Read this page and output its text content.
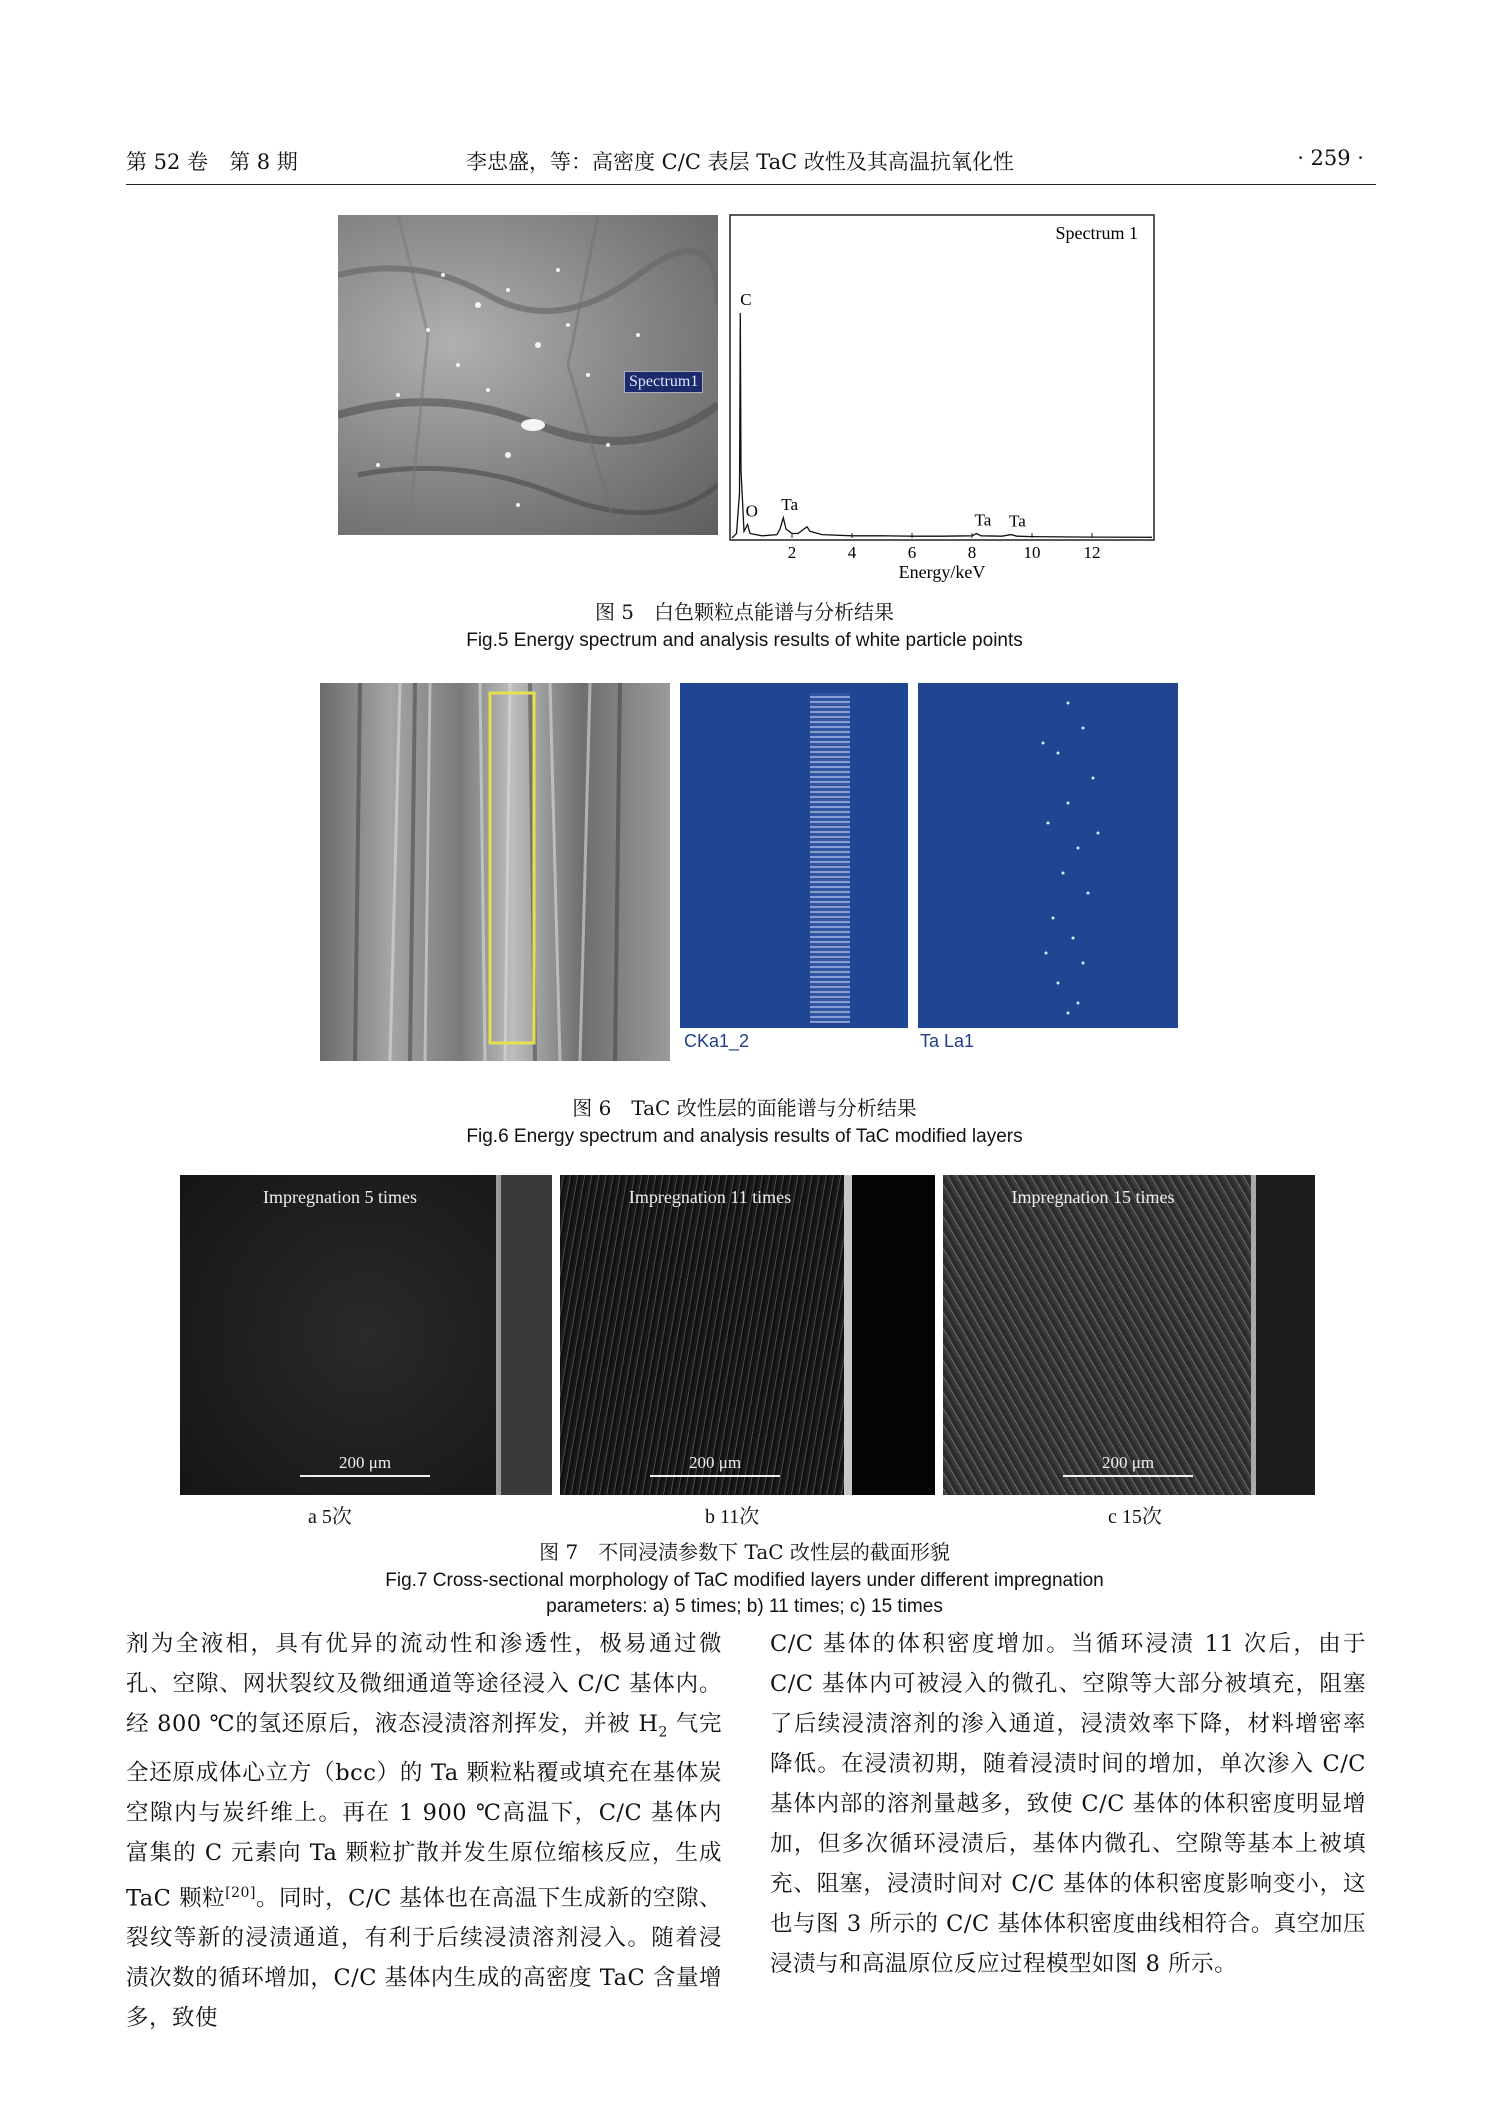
第 52 卷　第 8 期	李忠盛，等：高密度 C/C 表层 TaC 改性及其高温抗氧化性	· 259 ·
Spectrum1
Spectrum 1
2	4	6	8	10	12
C
O Ta
Ta Ta
Energy/keV
图 5　白色颗粒点能谱与分析结果
Fig.5 Energy spectrum and analysis results of white particle points
CKa1_2	Ta La1
图 6　TaC 改性层的面能谱与分析结果
Fig.6 Energy spectrum and analysis results of TaC modified layers
Impregnation 5 times
200 μm
Impregnation 11 times
200 μm
Impregnation 15 times
200 μm
a 5次	b 11次	c 15次
图 7　不同浸渍参数下 TaC 改性层的截面形貌
Fig.7 Cross-sectional morphology of TaC modified layers under different impregnation
parameters: a) 5 times; b) 11 times; c) 15 times

剂为全液相，具有优异的流动性和渗透性，极易通过微孔、空隙、网状裂纹及微细通道等途径浸入 C/C 基体内。经 800 ℃的氢还原后，液态浸渍溶剂挥发，并被 $H_2$ 气完全还原成体心立方（bcc）的 Ta 颗粒粘覆或填充在基体炭空隙内与炭纤维上。再在 1 900 ℃高温下，C/C 基体内富集的 C 元素向 Ta 颗粒扩散并发生原位缩核反应，生成 TaC 颗粒[20]。同时，C/C 基体也在高温下生成新的空隙、裂纹等新的浸渍通道，有利于后续浸渍溶剂浸入。随着浸渍次数的循环增加，C/C 基体内生成的高密度 TaC 含量增多，致使

C/C 基体的体积密度增加。当循环浸渍 11 次后，由于 C/C 基体内可被浸入的微孔、空隙等大部分被填充，阻塞了后续浸渍溶剂的渗入通道，浸渍效率下降，材料增密率降低。在浸渍初期，随着浸渍时间的增加，单次渗入 C/C 基体内部的溶剂量越多，致使 C/C 基体的体积密度明显增加，但多次循环浸渍后，基体内微孔、空隙等基本上被填充、阻塞，浸渍时间对 C/C 基体的体积密度影响变小，这也与图 3 所示的 C/C 基体体积密度曲线相符合。真空加压浸渍与和高温原位反应过程模型如图 8 所示。
